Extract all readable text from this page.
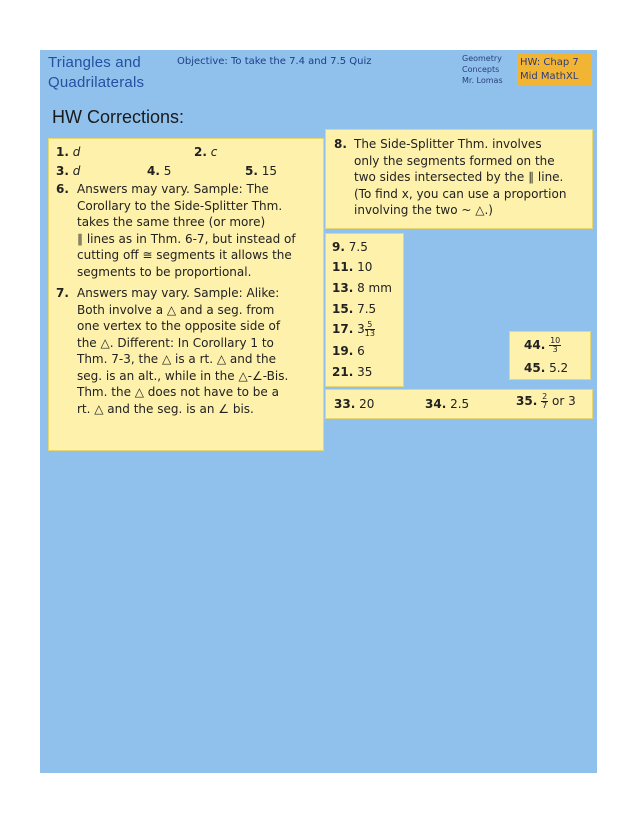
Triangles and
Quadrilaterals
Objective: To take the 7.4 and 7.5 Quiz	Geometry
Concepts
Mr. Lomas
HW: Chap 7
Mid MathXL
HW Corrections:
1. d	2. c
3. d	4. 5	5. 15
6. Answers may vary. Sample: The
Corollary to the Side-Splitter Thm.
takes the same three (or more)
∥ lines as in Thm. 6-7, but instead of
cutting off ≅ segments it allows the
segments to be proportional.
7. Answers may vary. Sample: Alike:
Both involve a △ and a seg. from
one vertex to the opposite side of
the △. Different: In Corollary 1 to
Thm. 7-3, the △ is a rt. △ and the
seg. is an alt., while in the △-∠-Bis.
Thm. the △ does not have to be a
rt. △ and the seg. is an ∠ bis.
8. The Side-Splitter Thm. involves
only the segments formed on the
two sides intersected by the ∥ line.
(To find x, you can use a proportion
involving the two ~ △.)
9. 7.5
11. 10
13. 8 mm
15. 7.5
17. $3 \frac{5}{13}$
19. 6
21. 35
44. $\frac{10}{3}$
45. 5.2
33. 20	34. 2.5	35. $\frac{2}{7}$ or 3
